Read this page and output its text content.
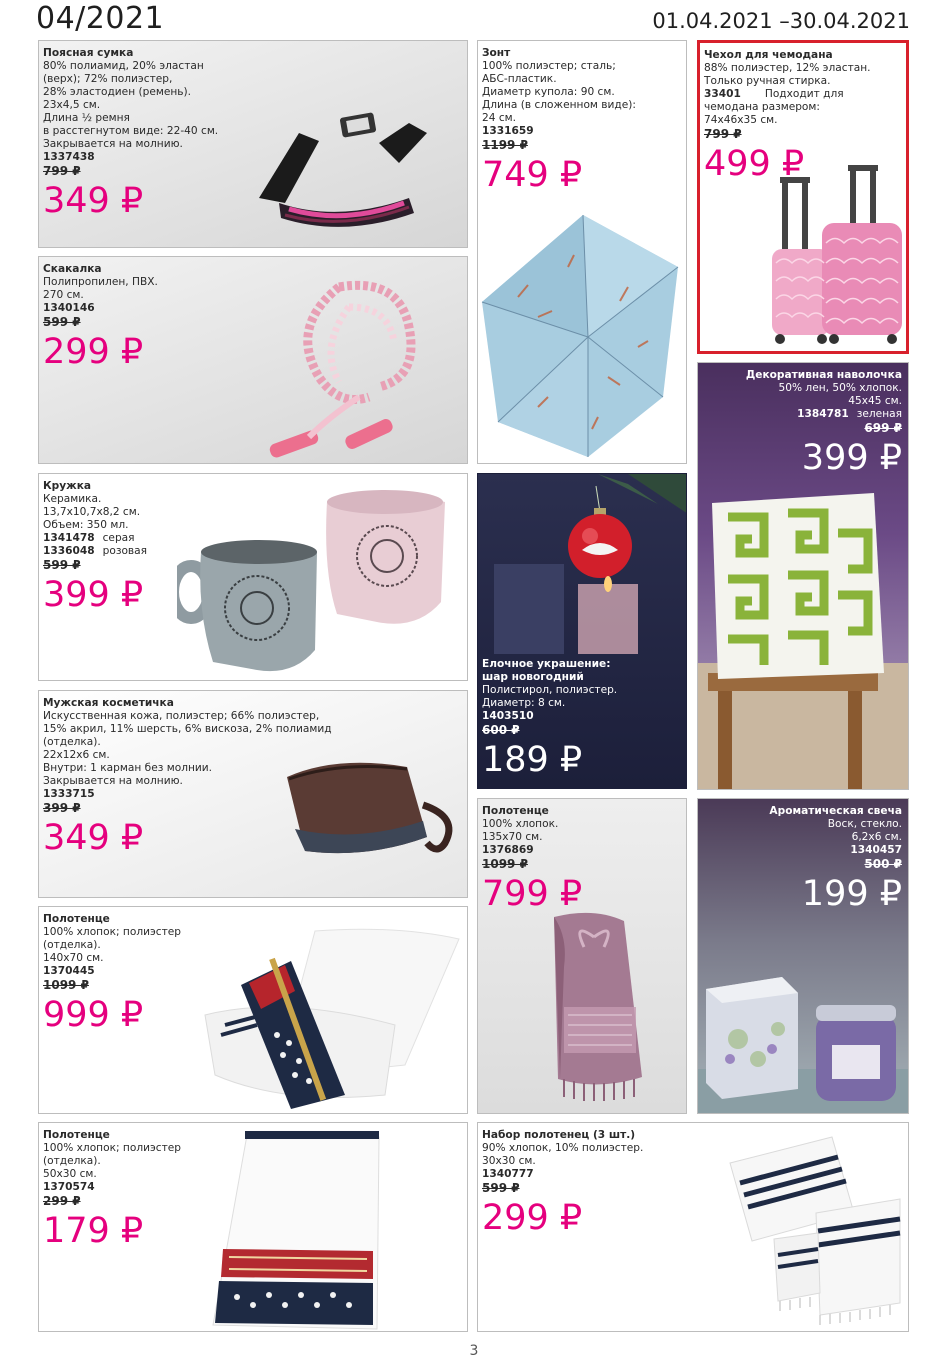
04/2021	01.04.2021 –30.04.2021
Поясная сумка
80% полиамид, 20% эластан
(верх); 72% полиэстер,
28% эластодиен (ремень).
23x4,5 см.
Длина ½ ремня
в расстегнутом виде: 22-40 см.
Закрывается на молнию.
1337438
799 ₽
349 ₽
Зонт
100% полиэстер; сталь;
АБС-пластик.
Диаметр купола: 90 см.
Длина (в сложенном виде):
24 см.
1331659
1199 ₽
749 ₽
Чехол для чемодана
88% полиэстер, 12% эластан.
Только ручная стирка.
33401 Подходит для
чемодана размером:
74x46x35 см.
799 ₽
499 ₽
Скакалка
Полипропилен, ПВХ.
270 см.
1340146
599 ₽
299 ₽
Декоративная наволочка
50% лен, 50% хлопок.
45x45 см.
1384781 зеленая
699 ₽
399 ₽
Кружка
Керамика.
13,7x10,7x8,2 см.
Объем: 350 мл.
1341478 серая
1336048 розовая
599 ₽
399 ₽
Елочное украшение:
шар новогодний
Полистирол, полиэстер.
Диаметр: 8 см.
1403510
600 ₽
189 ₽
Мужская косметичка
Искусственная кожа, полиэстер; 66% полиэстер,
15% акрил, 11% шерсть, 6% вискоза, 2% полиамид
(отделка).
22x12x6 см.
Внутри: 1 карман без молнии.
Закрывается на молнию.
1333715
399 ₽
349 ₽
Полотенце
100% хлопок.
135x70 см.
1376869
1099 ₽
799 ₽
Ароматическая свеча
Воск, стекло.
6,2x6 см.
1340457
500 ₽
199 ₽
Полотенце
100% хлопок; полиэстер
(отделка).
140x70 см.
1370445
1099 ₽
999 ₽
Полотенце
100% хлопок; полиэстер
(отделка).
50x30 см.
1370574
299 ₽
179 ₽
Набор полотенец (3 шт.)
90% хлопок, 10% полиэстер.
30x30 см.
1340777
599 ₽
299 ₽
3
